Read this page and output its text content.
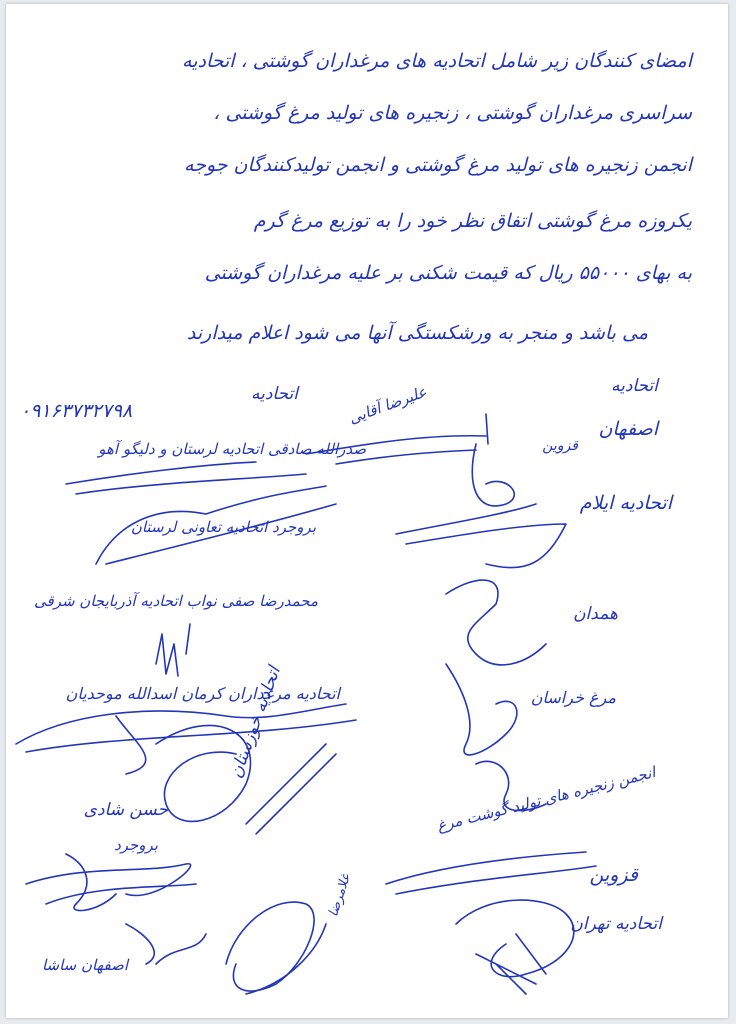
امضای کنندگان زیر شامل اتحادیه های مرغداران گوشتی ، اتحادیه
سراسری مرغداران گوشتی ، زنجیره های تولید مرغ گوشتی ،
انجمن زنجیره های تولید مرغ گوشتی و انجمن تولیدکنندگان جوجه
یکروزه مرغ گوشتی اتفاق نظر خود را به توزیع مرغ گرم
به بهای ۵۵۰۰۰ ریال که قیمت شکنی بر علیه مرغداران گوشتی
می باشد و منجر به ورشکستگی آنها می شود اعلام میدارند
اتحادیه
۰۹۱۶۳۷۳۲۷۹۸
صدرالله صادقی اتحادیه لرستان و دلیگو آهو
بروجرد اتحادیه تعاونی لرستان
محمدرضا صفی نواب اتحادیه آذربایجان شرقی
اتحادیه مرغداران کرمان اسدالله موحدیان
حسن شادی
بروجرد
اتحادیه خوزستان
اصفهان ساشا
غلامرضا
اتحادیه
علیرضا آقایی
اصفهان
قزوین
اتحادیه ایلام
همدان
مرغ خراسان
انجمن زنجیره های تولید گوشت مرغ
قزوین
اتحادیه تهران
